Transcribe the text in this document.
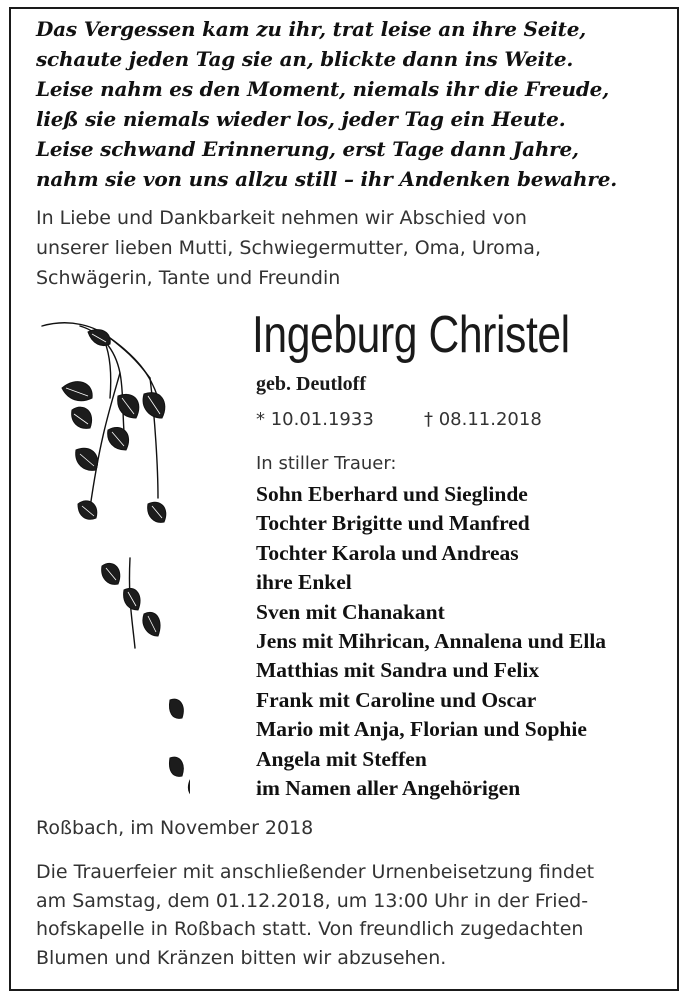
Das Vergessen kam zu ihr, trat leise an ihre Seite,
schaute jeden Tag sie an, blickte dann ins Weite.
Leise nahm es den Moment, niemals ihr die Freude,
ließ sie niemals wieder los, jeder Tag ein Heute.
Leise schwand Erinnerung, erst Tage dann Jahre,
nahm sie von uns allzu still – ihr Andenken bewahre.
In Liebe und Dankbarkeit nehmen wir Abschied von
unserer lieben Mutti, Schwiegermutter, Oma, Uroma,
Schwägerin, Tante und Freundin
Ingeburg Christel
geb. Deutloff
* 10.01.1933	† 08.11.2018
In stiller Trauer:
Sohn Eberhard und Sieglinde
Tochter Brigitte und Manfred
Tochter Karola und Andreas
ihre Enkel
Sven mit Chanakant
Jens mit Mihrican, Annalena und Ella
Matthias mit Sandra und Felix
Frank mit Caroline und Oscar
Mario mit Anja, Florian und Sophie
Angela mit Steffen
im Namen aller Angehörigen
Roßbach, im November 2018
Die Trauerfeier mit anschließender Urnenbeisetzung findet
am Samstag, dem 01.12.2018, um 13:00 Uhr in der Fried-
hofskapelle in Roßbach statt. Von freundlich zugedachten
Blumen und Kränzen bitten wir abzusehen.
